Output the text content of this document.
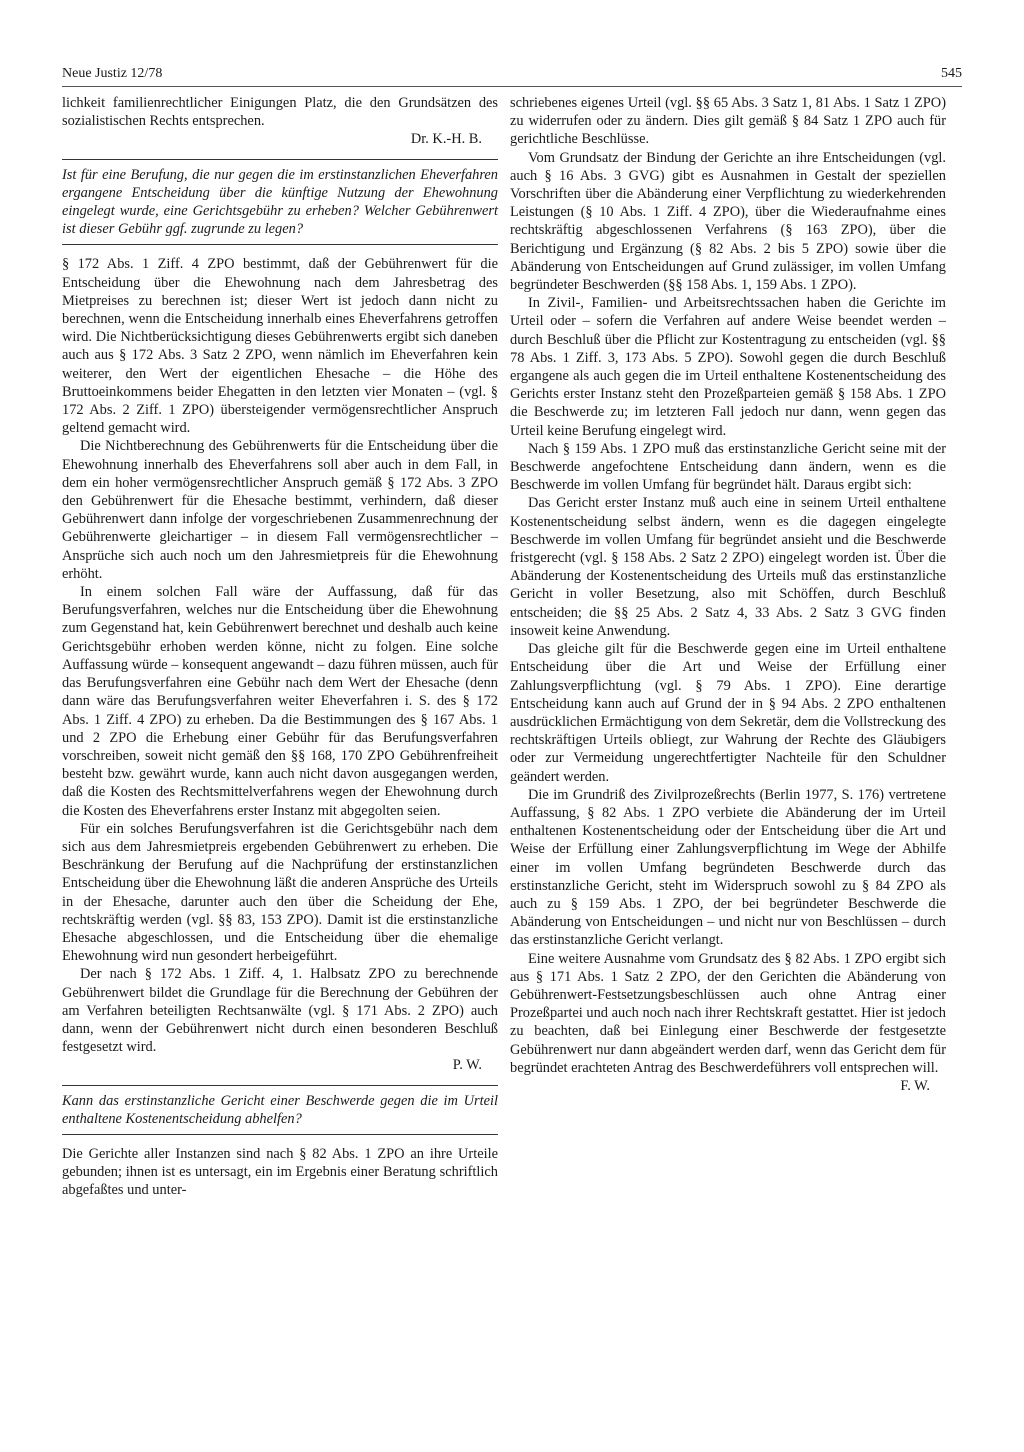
Neue Justiz 12/78	545

lichkeit familienrechtlicher Einigungen Platz, die den Grundsätzen des sozialistischen Rechts entsprechen.

Dr. K.-H. B.

Ist für eine Berufung, die nur gegen die im erstinstanzlichen Eheverfahren ergangene Entscheidung über die künftige Nutzung der Ehewohnung eingelegt wurde, eine Gerichtsgebühr zu erheben? Welcher Gebührenwert ist dieser Gebühr ggf. zugrunde zu legen?

§ 172 Abs. 1 Ziff. 4 ZPO bestimmt, daß der Gebührenwert für die Entscheidung über die Ehewohnung nach dem Jahresbetrag des Mietpreises zu berechnen ist; dieser Wert ist jedoch dann nicht zu berechnen, wenn die Entscheidung innerhalb eines Eheverfahrens getroffen wird. Die Nichtberücksichtigung dieses Gebührenwerts ergibt sich daneben auch aus § 172 Abs. 3 Satz 2 ZPO, wenn nämlich im Eheverfahren kein weiterer, den Wert der eigentlichen Ehesache – die Höhe des Bruttoeinkommens beider Ehegatten in den letzten vier Monaten – (vgl. § 172 Abs. 2 Ziff. 1 ZPO) übersteigender vermögensrechtlicher Anspruch geltend gemacht wird.

Die Nichtberechnung des Gebührenwerts für die Entscheidung über die Ehewohnung innerhalb des Eheverfahrens soll aber auch in dem Fall, in dem ein hoher vermögensrechtlicher Anspruch gemäß § 172 Abs. 3 ZPO den Gebührenwert für die Ehesache bestimmt, verhindern, daß dieser Gebührenwert dann infolge der vorgeschriebenen Zusammenrechnung der Gebührenwerte gleichartiger – in diesem Fall vermögensrechtlicher – Ansprüche sich auch noch um den Jahresmietpreis für die Ehewohnung erhöht.

In einem solchen Fall wäre der Auffassung, daß für das Berufungsverfahren, welches nur die Entscheidung über die Ehewohnung zum Gegenstand hat, kein Gebührenwert berechnet und deshalb auch keine Gerichtsgebühr erhoben werden könne, nicht zu folgen. Eine solche Auffassung würde – konsequent angewandt – dazu führen müssen, auch für das Berufungsverfahren eine Gebühr nach dem Wert der Ehesache (denn dann wäre das Berufungsverfahren weiter Eheverfahren i. S. des § 172 Abs. 1 Ziff. 4 ZPO) zu erheben. Da die Bestimmungen des § 167 Abs. 1 und 2 ZPO die Erhebung einer Gebühr für das Berufungsverfahren vorschreiben, soweit nicht gemäß den §§ 168, 170 ZPO Gebührenfreiheit besteht bzw. gewährt wurde, kann auch nicht davon ausgegangen werden, daß die Kosten des Rechtsmittelverfahrens wegen der Ehewohnung durch die Kosten des Eheverfahrens erster Instanz mit abgegolten seien.

Für ein solches Berufungsverfahren ist die Gerichtsgebühr nach dem sich aus dem Jahresmietpreis ergebenden Gebührenwert zu erheben. Die Beschränkung der Berufung auf die Nachprüfung der erstinstanzlichen Entscheidung über die Ehewohnung läßt die anderen Ansprüche des Urteils in der Ehesache, darunter auch den über die Scheidung der Ehe, rechtskräftig werden (vgl. §§ 83, 153 ZPO). Damit ist die erstinstanzliche Ehesache abgeschlossen, und die Entscheidung über die ehemalige Ehewohnung wird nun gesondert herbeigeführt.

Der nach § 172 Abs. 1 Ziff. 4, 1. Halbsatz ZPO zu berechnende Gebührenwert bildet die Grundlage für die Berechnung der Gebühren der am Verfahren beteiligten Rechtsanwälte (vgl. § 171 Abs. 2 ZPO) auch dann, wenn der Gebührenwert nicht durch einen besonderen Beschluß festgesetzt wird.

P. W.

Kann das erstinstanzliche Gericht einer Beschwerde gegen die im Urteil enthaltene Kostenentscheidung abhelfen?

Die Gerichte aller Instanzen sind nach § 82 Abs. 1 ZPO an ihre Urteile gebunden; ihnen ist es untersagt, ein im Ergebnis einer Beratung schriftlich abgefaßtes und unter-

schriebenes eigenes Urteil (vgl. §§ 65 Abs. 3 Satz 1, 81 Abs. 1 Satz 1 ZPO) zu widerrufen oder zu ändern. Dies gilt gemäß § 84 Satz 1 ZPO auch für gerichtliche Beschlüsse.

Vom Grundsatz der Bindung der Gerichte an ihre Entscheidungen (vgl. auch § 16 Abs. 3 GVG) gibt es Ausnahmen in Gestalt der speziellen Vorschriften über die Abänderung einer Verpflichtung zu wiederkehrenden Leistungen (§ 10 Abs. 1 Ziff. 4 ZPO), über die Wiederaufnahme eines rechtskräftig abgeschlossenen Verfahrens (§ 163 ZPO), über die Berichtigung und Ergänzung (§ 82 Abs. 2 bis 5 ZPO) sowie über die Abänderung von Entscheidungen auf Grund zulässiger, im vollen Umfang begründeter Beschwerden (§§ 158 Abs. 1, 159 Abs. 1 ZPO).

In Zivil-, Familien- und Arbeitsrechtssachen haben die Gerichte im Urteil oder – sofern die Verfahren auf andere Weise beendet werden – durch Beschluß über die Pflicht zur Kostentragung zu entscheiden (vgl. §§ 78 Abs. 1 Ziff. 3, 173 Abs. 5 ZPO). Sowohl gegen die durch Beschluß ergangene als auch gegen die im Urteil enthaltene Kostenentscheidung des Gerichts erster Instanz steht den Prozeßparteien gemäß § 158 Abs. 1 ZPO die Beschwerde zu; im letzteren Fall jedoch nur dann, wenn gegen das Urteil keine Berufung eingelegt wird.

Nach § 159 Abs. 1 ZPO muß das erstinstanzliche Gericht seine mit der Beschwerde angefochtene Entscheidung dann ändern, wenn es die Beschwerde im vollen Umfang für begründet hält. Daraus ergibt sich:

Das Gericht erster Instanz muß auch eine in seinem Urteil enthaltene Kostenentscheidung selbst ändern, wenn es die dagegen eingelegte Beschwerde im vollen Umfang für begründet ansieht und die Beschwerde fristgerecht (vgl. § 158 Abs. 2 Satz 2 ZPO) eingelegt worden ist. Über die Abänderung der Kostenentscheidung des Urteils muß das erstinstanzliche Gericht in voller Besetzung, also mit Schöffen, durch Beschluß entscheiden; die §§ 25 Abs. 2 Satz 4, 33 Abs. 2 Satz 3 GVG finden insoweit keine Anwendung.

Das gleiche gilt für die Beschwerde gegen eine im Urteil enthaltene Entscheidung über die Art und Weise der Erfüllung einer Zahlungsverpflichtung (vgl. § 79 Abs. 1 ZPO). Eine derartige Entscheidung kann auch auf Grund der in § 94 Abs. 2 ZPO enthaltenen ausdrücklichen Ermächtigung von dem Sekretär, dem die Vollstreckung des rechtskräftigen Urteils obliegt, zur Wahrung der Rechte des Gläubigers oder zur Vermeidung ungerechtfertigter Nachteile für den Schuldner geändert werden.

Die im Grundriß des Zivilprozeßrechts (Berlin 1977, S. 176) vertretene Auffassung, § 82 Abs. 1 ZPO verbiete die Abänderung der im Urteil enthaltenen Kostenentscheidung oder der Entscheidung über die Art und Weise der Erfüllung einer Zahlungsverpflichtung im Wege der Abhilfe einer im vollen Umfang begründeten Beschwerde durch das erstinstanzliche Gericht, steht im Widerspruch sowohl zu § 84 ZPO als auch zu § 159 Abs. 1 ZPO, der bei begründeter Beschwerde die Abänderung von Entscheidungen – und nicht nur von Beschlüssen – durch das erstinstanzliche Gericht verlangt.

Eine weitere Ausnahme vom Grundsatz des § 82 Abs. 1 ZPO ergibt sich aus § 171 Abs. 1 Satz 2 ZPO, der den Gerichten die Abänderung von Gebührenwert-Festsetzungsbeschlüssen auch ohne Antrag einer Prozeßpartei und auch noch nach ihrer Rechtskraft gestattet. Hier ist jedoch zu beachten, daß bei Einlegung einer Beschwerde der festgesetzte Gebührenwert nur dann abgeändert werden darf, wenn das Gericht dem für begründet erachteten Antrag des Beschwerdeführers voll entsprechen will.

F. W.
